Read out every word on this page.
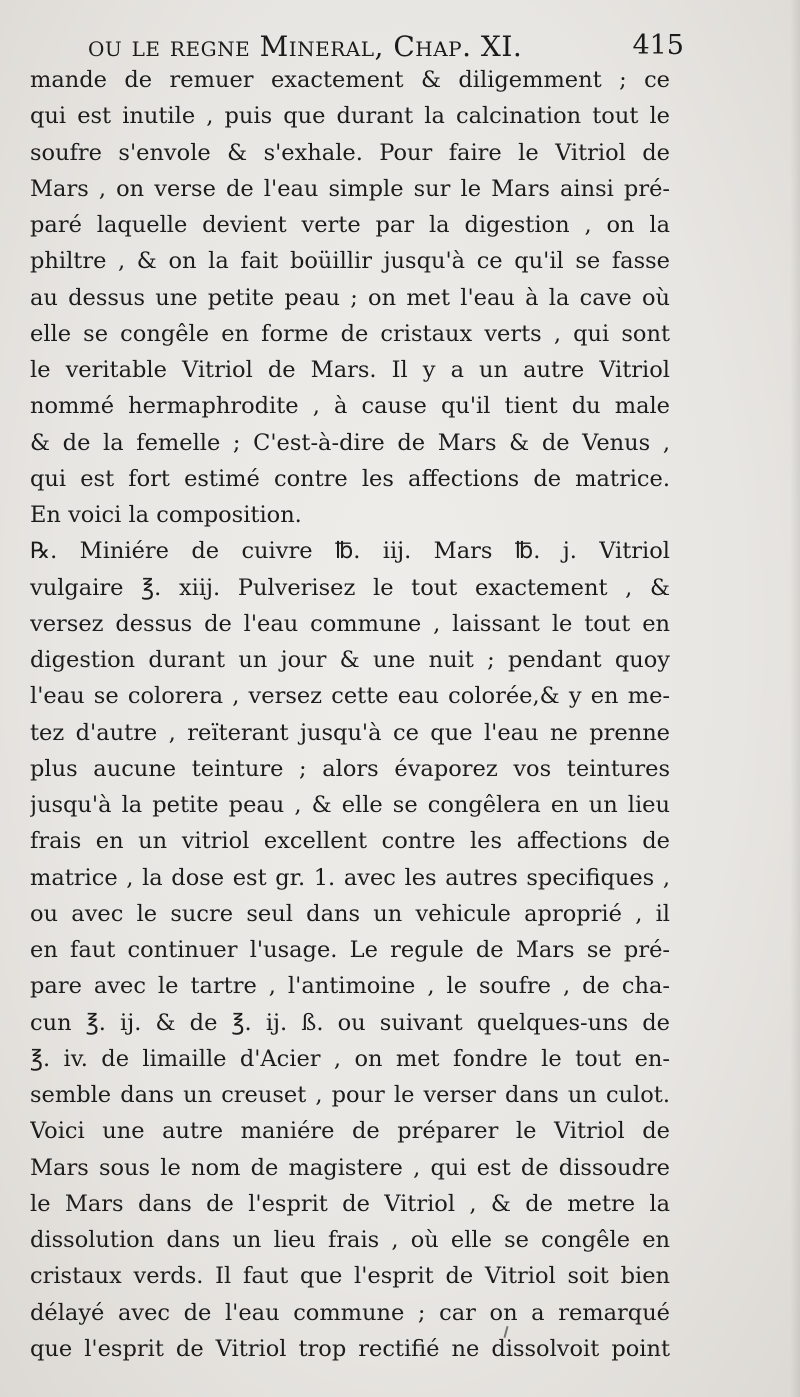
ou le regne Mineral, Chap. XI.	415
mande de remuer exactement & diligemment ; ce
qui est inutile , puis que durant la calcination tout le
soufre s'envole & s'exhale. Pour faire le Vitriol de
Mars , on verse de l'eau simple sur le Mars ainsi pré-
paré laquelle devient verte par la digestion , on la
philtre , & on la fait boüillir jusqu'à ce qu'il se fasse
au dessus une petite peau ; on met l'eau à la cave où
elle se congêle en forme de cristaux verts , qui sont
le veritable Vitriol de Mars. Il y a un autre Vitriol
nommé hermaphrodite , à cause qu'il tient du male
& de la femelle ; C'est-à-dire de Mars & de Venus ,
qui est fort estimé contre les affections de matrice.
En voici la composition.
℞. Miniére de cuivre ℔. iij. Mars ℔. j. Vitriol
vulgaire ℥. xiij. Pulverisez le tout exactement , &
versez dessus de l'eau commune , laissant le tout en
digestion durant un jour & une nuit ; pendant quoy
l'eau se colorera , versez cette eau colorée,& y en me-
tez d'autre , reïterant jusqu'à ce que l'eau ne prenne
plus aucune teinture ; alors évaporez vos teintures
jusqu'à la petite peau , & elle se congêlera en un lieu
frais en un vitriol excellent contre les affections de
matrice , la dose est gr. 1. avec les autres specifiques ,
ou avec le sucre seul dans un vehicule aproprié , il
en faut continuer l'usage. Le regule de Mars se pré-
pare avec le tartre , l'antimoine , le soufre , de cha-
cun ℥. ij. & de ℥. ij. ß. ou suivant quelques-uns de
℥. iv. de limaille d'Acier , on met fondre le tout en-
semble dans un creuset , pour le verser dans un culot.
Voici une autre maniére de préparer le Vitriol de
Mars sous le nom de magistere , qui est de dissoudre
le Mars dans de l'esprit de Vitriol , & de metre la
dissolution dans un lieu frais , où elle se congêle en
cristaux verds. Il faut que l'esprit de Vitriol soit bien
délayé avec de l'eau commune ; car on a remarqué
que l'esprit de Vitriol trop rectifié ne dissolvoit point
